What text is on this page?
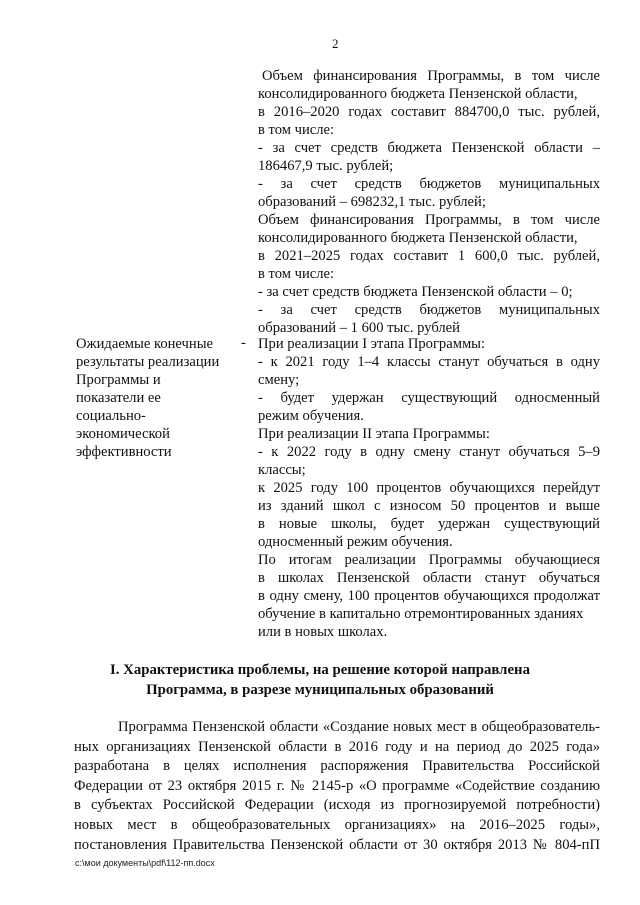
2
Объем финансирования Программы, в том числе
консолидированного бюджета Пензенской области,
в 2016–2020 годах составит 884700,0 тыс. рублей,
в том числе:
- за счет средств бюджета Пензенской области –
186467,9 тыс. рублей;
- за счет средств бюджетов муниципальных
образований – 698232,1 тыс. рублей;
Объем финансирования Программы, в том числе
консолидированного бюджета Пензенской области,
в 2021–2025 годах составит 1 600,0 тыс. рублей,
в том числе:
- за счет средств бюджета Пензенской области – 0;
- за счет средств бюджетов муниципальных
образований – 1 600 тыс. рублей
Ожидаемые конечные
результаты реализации
Программы и
показатели ее
социально-
экономической
эффективности
- При реализации I этапа Программы:
- к 2021 году 1–4 классы станут обучаться в одну
смену;
- будет удержан существующий односменный
режим обучения.
При реализации II этапа Программы:
- к 2022 году в одну смену станут обучаться 5–9
классы;
к 2025 году 100 процентов обучающихся перейдут
из зданий школ с износом 50 процентов и выше
в новые школы, будет удержан существующий
односменный режим обучения.
По итогам реализации Программы обучающиеся
в школах Пензенской области станут обучаться
в одну смену, 100 процентов обучающихся продолжат
обучение в капитально отремонтированных зданиях
или в новых школах.
I. Характеристика проблемы, на решение которой направлена
Программа, в разрезе муниципальных образований
Программа Пензенской области «Создание новых мест в общеобразователь-
ных организациях Пензенской области в 2016 году и на период до 2025 года»
разработана в целях исполнения распоряжения Правительства Российской
Федерации от 23 октября 2015 г. № 2145-р «О программе «Содействие созданию
в субъектах Российской Федерации (исходя из прогнозируемой потребности)
новых мест в общеобразовательных организациях» на 2016–2025 годы»,
постановления Правительства Пензенской области от 30 октября 2013 № 804-пП
c:\мои документы\pdf\112-пп.docx
